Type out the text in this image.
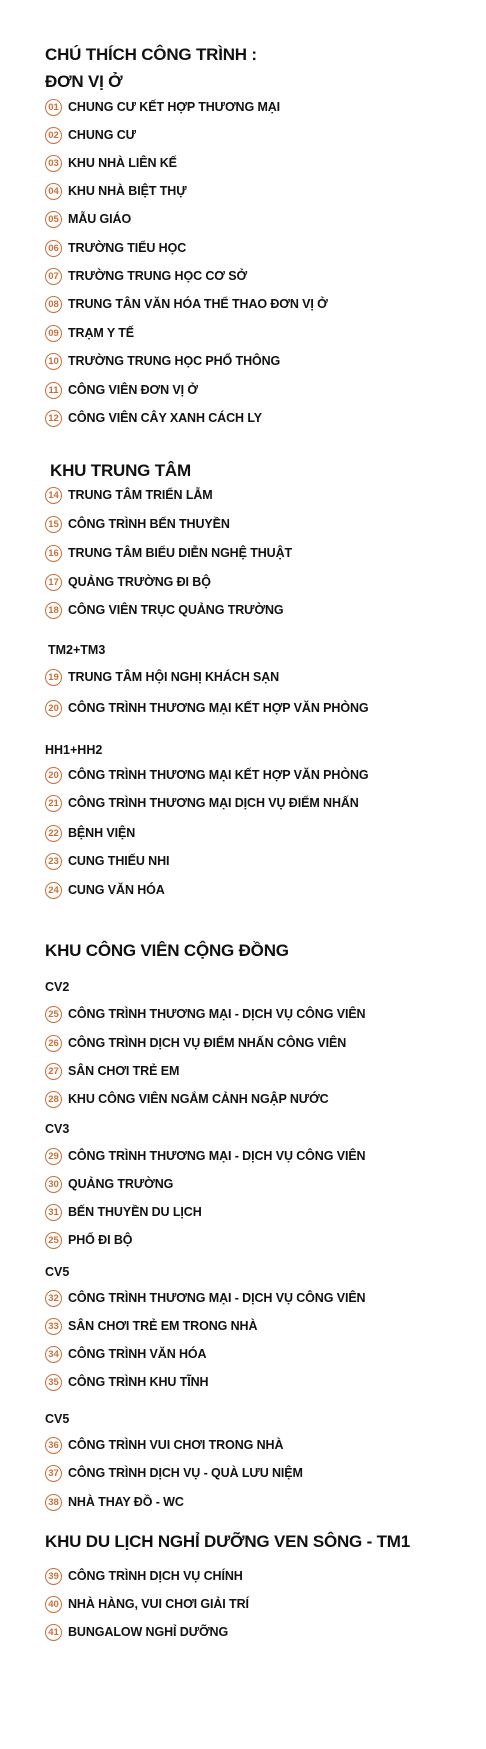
CHÚ THÍCH CÔNG TRÌNH :
ĐƠN VỊ Ở
KHU TRUNG TÂM
TM2+TM3
HH1+HH2
KHU CÔNG VIÊN CỘNG ĐỒNG
CV2
CV3
CV5
CV5
KHU DU LỊCH NGHỈ DƯỠNG VEN SÔNG - TM1
01 CHUNG CƯ KẾT HỢP THƯƠNG MẠI
02 CHUNG CƯ
03 KHU NHÀ LIÊN KẾ
04 KHU NHÀ BIỆT THỰ
05 MẪU GIÁO
06 TRƯỜNG TIỂU HỌC
07 TRƯỜNG TRUNG HỌC CƠ SỞ
08 TRUNG TÂN VĂN HÓA THỂ THAO ĐƠN VỊ Ở
09 TRẠM Y TẾ
10 TRƯỜNG TRUNG HỌC PHỔ THÔNG
11 CÔNG VIÊN ĐƠN VỊ Ở
12 CÔNG VIÊN CÂY XANH CÁCH LY
14 TRUNG TÂM TRIỂN LẪM
15 CÔNG TRÌNH BẾN THUYỀN
16 TRUNG TÂM BIỂU DIỄN NGHỆ THUẬT
17 QUẢNG TRƯỜNG ĐI BỘ
18 CÔNG VIÊN TRỤC QUẢNG TRƯỜNG
19 TRUNG TÂM HỘI NGHỊ KHÁCH SẠN
20 CÔNG TRÌNH THƯƠNG MẠI KẾT HỢP VĂN PHÒNG
20 CÔNG TRÌNH THƯƠNG MẠI KẾT HỢP VĂN PHÒNG
21 CÔNG TRÌNH THƯƠNG MẠI DỊCH VỤ ĐIỂM NHẤN
22 BỆNH VIỆN
23 CUNG THIẾU NHI
24 CUNG VĂN HÓA
25 CÔNG TRÌNH THƯƠNG MẠI - DỊCH VỤ CÔNG VIÊN
26 CÔNG TRÌNH DỊCH VỤ ĐIỂM NHẤN CÔNG VIÊN
27 SÂN CHƠI TRẺ EM
28 KHU CÔNG VIÊN NGẮM CẢNH NGẬP NƯỚC
29 CÔNG TRÌNH THƯƠNG MẠI - DỊCH VỤ CÔNG VIÊN
30 QUẢNG TRƯỜNG
31 BẾN THUYỀN DU LỊCH
25 PHỐ ĐI BỘ
32 CÔNG TRÌNH THƯƠNG MẠI - DỊCH VỤ CÔNG VIÊN
33 SÂN CHƠI TRẺ EM TRONG NHÀ
34 CÔNG TRÌNH VĂN HÓA
35 CÔNG TRÌNH KHU TĨNH
36 CÔNG TRÌNH VUI CHƠI TRONG NHÀ
37 CÔNG TRÌNH DỊCH VỤ - QUÀ LƯU NIỆM
38 NHÀ THAY ĐỒ - WC
39 CÔNG TRÌNH DỊCH VỤ CHÍNH
40 NHÀ HÀNG, VUI CHƠI GIẢI TRÍ
41 BUNGALOW NGHỈ DƯỠNG
